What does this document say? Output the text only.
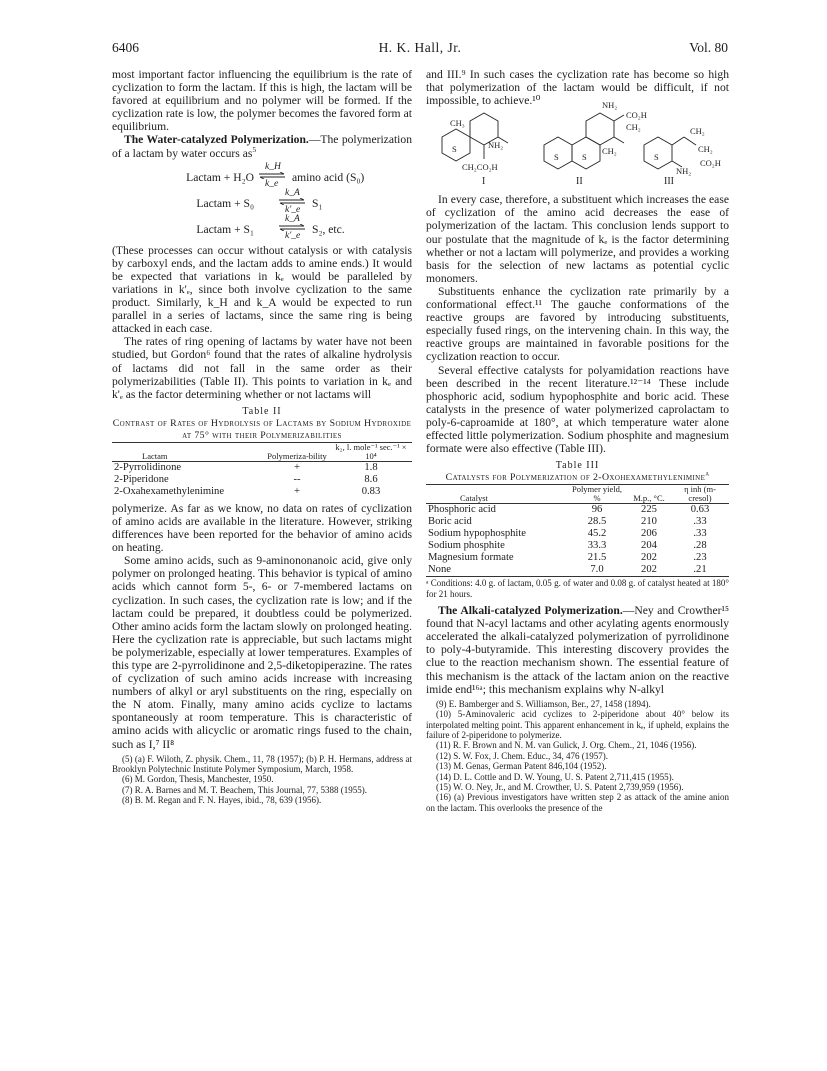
6406	H. K. Hall, Jr.	Vol. 80

most important factor influencing the equilibrium is the rate of cyclization to form the lactam. If this is high, the lactam will be favored at equilibrium and no polymer will be formed. If the cyclization rate is low, the polymer becomes the favored form at equilibrium.

The Water-catalyzed Polymerization.—The polymerization of a lactam by water occurs $as^5$

Lactam + H₂O
k_H
k_e amino acid (S₀)
Lactam + S₀
k_A
k'_e S₁
Lactam + S₁
k_A
k'_e S₂, etc.

(These processes can occur without catalysis or with catalysis by carboxyl ends, and the lactam adds to amine ends.) It would be expected that variations in kₑ would be paralleled by variations in k'ₑ, since both involve cyclization to the same product. Similarly, k_H and k_A would be expected to run parallel in a series of lactams, since the same ring is being attacked in each case.

The rates of ring opening of lactams by water have not been studied, but Gordon⁶ found that the rates of alkaline hydrolysis of lactams did not fall in the same order as their polymerizabilities (Table II). This points to variation in kₑ and k'ₑ as the factor determining whether or not lactams will

Table II
Contrast of Rates of Hydrolysis of Lactams by Sodium Hydroxide at 75° with their Polymerizabilities
Lactam	Polymeriza-bility	k₂, l. mole⁻¹ sec.⁻¹ × 10⁴
2-Pyrrolidinone	+	1.8
2-Piperidone	--	8.6
2-Oxahexamethylenimine	+	0.83

polymerize. As far as we know, no data on rates of cyclization of amino acids are available in the literature. However, striking differences have been reported for the behavior of amino acids on heating.

Some amino acids, such as 9-aminononanoic acid, give only polymer on prolonged heating. This behavior is typical of amino acids which cannot form 5-, 6- or 7-membered lactams on cyclization. In such cases, the cyclization rate is low; and if the lactam could be prepared, it doubtless could be polymerized. Other amino acids form the lactam slowly on prolonged heating. Here the cyclization rate is appreciable, but such lactams might be polymerizable, especially at lower temperatures. Examples of this type are 2-pyrrolidinone and 2,5-diketopiperazine. The rates of cyclization of such amino acids increase with increasing numbers of alkyl or aryl substituents on the ring, especially on the N atom. Finally, many amino acids cyclize to lactams spontaneously at room temperature. This is characteristic of amino acids with alicyclic or aromatic rings fused to the chain, such as I,⁷ II⁸

(5) (a) F. Wiloth, Z. physik. Chem., 11, 78 (1957); (b) P. H. Hermans, address at Brooklyn Polytechnic Institute Polymer Symposium, March, 1958.

(6) M. Gordon, Thesis, Manchester, 1950.

(7) R. A. Barnes and M. T. Beachem, This Journal, 77, 5388 (1955).

(8) B. M. Regan and F. N. Hayes, ibid., 78, 639 (1956).

and III.⁹ In such cases the cyclization rate has become so high that polymerization of the lactam would be difficult, if not impossible, to achieve.¹⁰

CH₃
NH₂
CH₂CO₂H
NH₂
CO₂H
CH₂
CH₂
CH₂
CH₂
NH₂
CO₂H
S
S	S	S
I	II	III

In every case, therefore, a substituent which increases the ease of cyclization of the amino acid decreases the ease of polymerization of the lactam. This conclusion lends support to our postulate that the magnitude of kₑ is the factor determining whether or not a lactam will polymerize, and provides a working basis for the selection of new lactams as potential cyclic monomers.

Substituents enhance the cyclization rate primarily by a conformational effect.¹¹ The gauche conformations of the reactive groups are favored by introducing substituents, especially fused rings, on the intervening chain. In this way, the reactive groups are maintained in favorable positions for the cyclization reaction to occur.

Several effective catalysts for polyamidation reactions have been described in the recent literature.¹²⁻¹⁴ These include phosphoric acid, sodium hypophosphite and boric acid. These catalysts in the presence of water polymerized caprolactam to poly-6-caproamide at 180°, at which temperature water alone effected little polymerization. Sodium phosphite and magnesium formate were also effective (Table III).

Table III
Catalysts for Polymerization of 2-Oxohexamethylenimine$^a$
Catalyst	Polymer yield, %	M.p., °C.	η inh (m-cresol)
Phosphoric acid	96	225	0.63
Boric acid	28.5	210	.33
Sodium hypophosphite	45.2	206	.33
Sodium phosphite	33.3	204	.28
Magnesium formate	21.5	202	.23
None	7.0	202	.21
ᵃ Conditions: 4.0 g. of lactam, 0.05 g. of water and 0.08 g. of catalyst heated at 180° for 21 hours.

The Alkali-catalyzed Polymerization.—Ney and Crowther¹⁵ found that N-acyl lactams and other acylating agents enormously accelerated the alkali-catalyzed polymerization of pyrrolidinone to poly-4-butyramide. This interesting discovery provides the clue to the reaction mechanism shown. The essential feature of this mechanism is the attack of the lactam anion on the reactive imide end¹⁶ᵃ; this mechanism explains why N-alkyl

(9) E. Bamberger and S. Williamson, Ber., 27, 1458 (1894).

(10) 5-Aminovaleric acid cyclizes to 2-piperidone about 40° below its interpolated melting point. This apparent enhancement in kₑ, if upheld, explains the failure of 2-piperidone to polymerize.

(11) R. F. Brown and N. M. van Gulick, J. Org. Chem., 21, 1046 (1956).

(12) S. W. Fox, J. Chem. Educ., 34, 476 (1957).

(13) M. Genas, German Patent 846,104 (1952).

(14) D. L. Cottle and D. W. Young, U. S. Patent 2,711,415 (1955).

(15) W. O. Ney, Jr., and M. Crowther, U. S. Patent 2,739,959 (1956).

(16) (a) Previous investigators have written step 2 as attack of the amine anion on the lactam. This overlooks the presence of the
